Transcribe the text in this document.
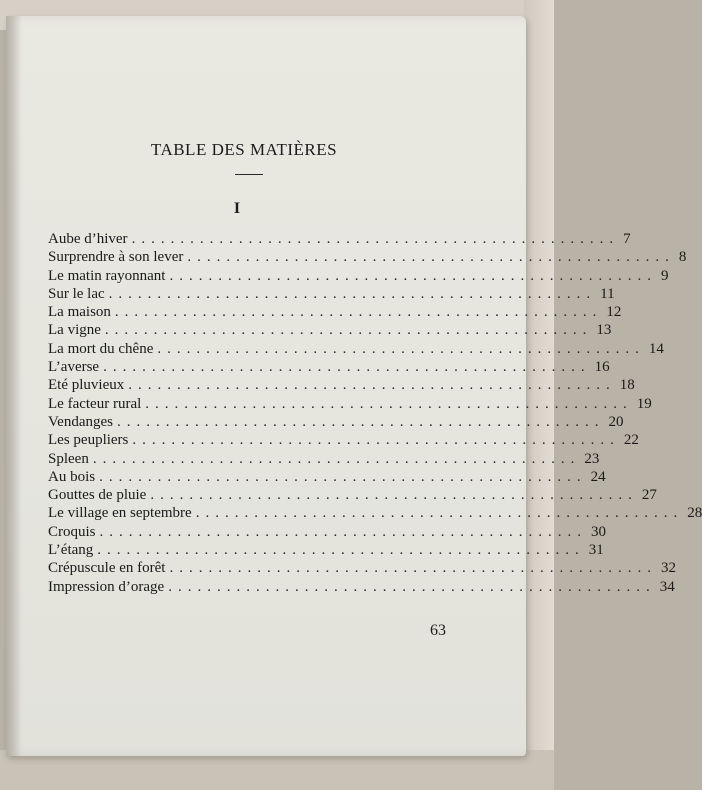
TABLE DES MATIÈRES
I
Aube d’hiver .................................................. 7
Surprendre à son lever .................................................. 8
Le matin rayonnant .................................................. 9
Sur le lac .................................................. 11
La maison .................................................. 12
La vigne .................................................. 13
La mort du chêne .................................................. 14
L’averse .................................................. 16
Eté pluvieux .................................................. 18
Le facteur rural .................................................. 19
Vendanges .................................................. 20
Les peupliers .................................................. 22
Spleen .................................................. 23
Au bois .................................................. 24
Gouttes de pluie .................................................. 27
Le village en septembre .................................................. 28
Croquis .................................................. 30
L’étang .................................................. 31
Crépuscule en forêt .................................................. 32
Impression d’orage .................................................. 34
63
